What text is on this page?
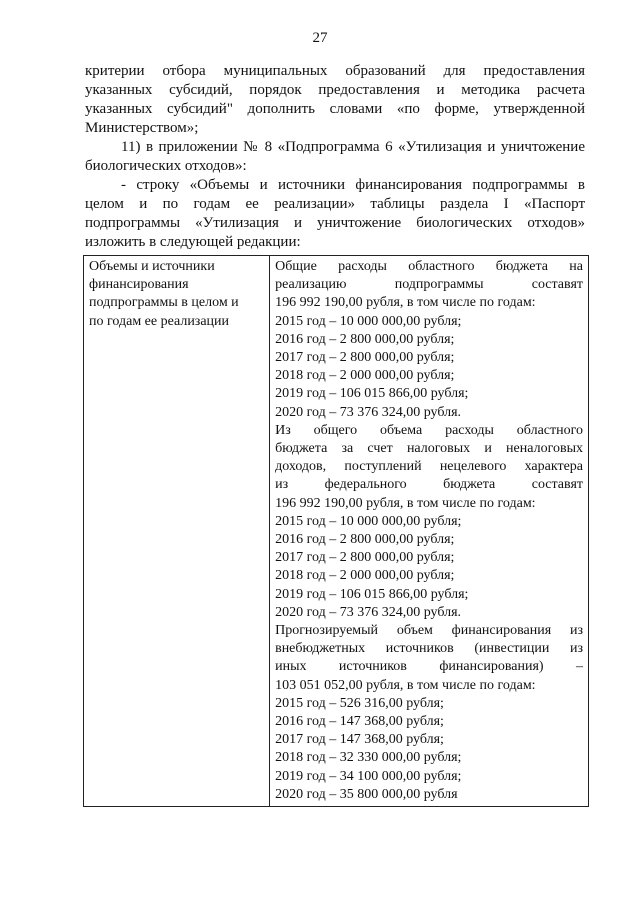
27
критерии отбора муниципальных образований для предоставления
указанных субсидий, порядок предоставления и методика расчета
указанных субсидий" дополнить словами «по форме, утвержденной
Министерством»;
11) в приложении № 8 «Подпрограмма 6 «Утилизация и уничтожение
биологических отходов»:
- строку «Объемы и источники финансирования подпрограммы в
целом и по годам ее реализации» таблицы раздела I «Паспорт
подпрограммы «Утилизация и уничтожение биологических отходов»
изложить в следующей редакции:
Объемы и источники
финансирования
подпрограммы в целом и
по годам ее реализации

Общие расходы областного бюджета на
реализацию подпрограммы составят
196 992 190,00 рубля, в том числе по годам:
2015 год – 10 000 000,00 рубля;
2016 год – 2 800 000,00 рубля;
2017 год – 2 800 000,00 рубля;
2018 год – 2 000 000,00 рубля;
2019 год – 106 015 866,00 рубля;
2020 год – 73 376 324,00 рубля.
Из общего объема расходы областного
бюджета за счет налоговых и неналоговых
доходов, поступлений нецелевого характера
из федерального бюджета составят
196 992 190,00 рубля, в том числе по годам:
2015 год – 10 000 000,00 рубля;
2016 год – 2 800 000,00 рубля;
2017 год – 2 800 000,00 рубля;
2018 год – 2 000 000,00 рубля;
2019 год – 106 015 866,00 рубля;
2020 год – 73 376 324,00 рубля.
Прогнозируемый объем финансирования из
внебюджетных источников (инвестиции из
иных источников финансирования) –
103 051 052,00 рубля, в том числе по годам:
2015 год – 526 316,00 рубля;
2016 год – 147 368,00 рубля;
2017 год – 147 368,00 рубля;
2018 год – 32 330 000,00 рубля;
2019 год – 34 100 000,00 рубля;
2020 год – 35 800 000,00 рубля
